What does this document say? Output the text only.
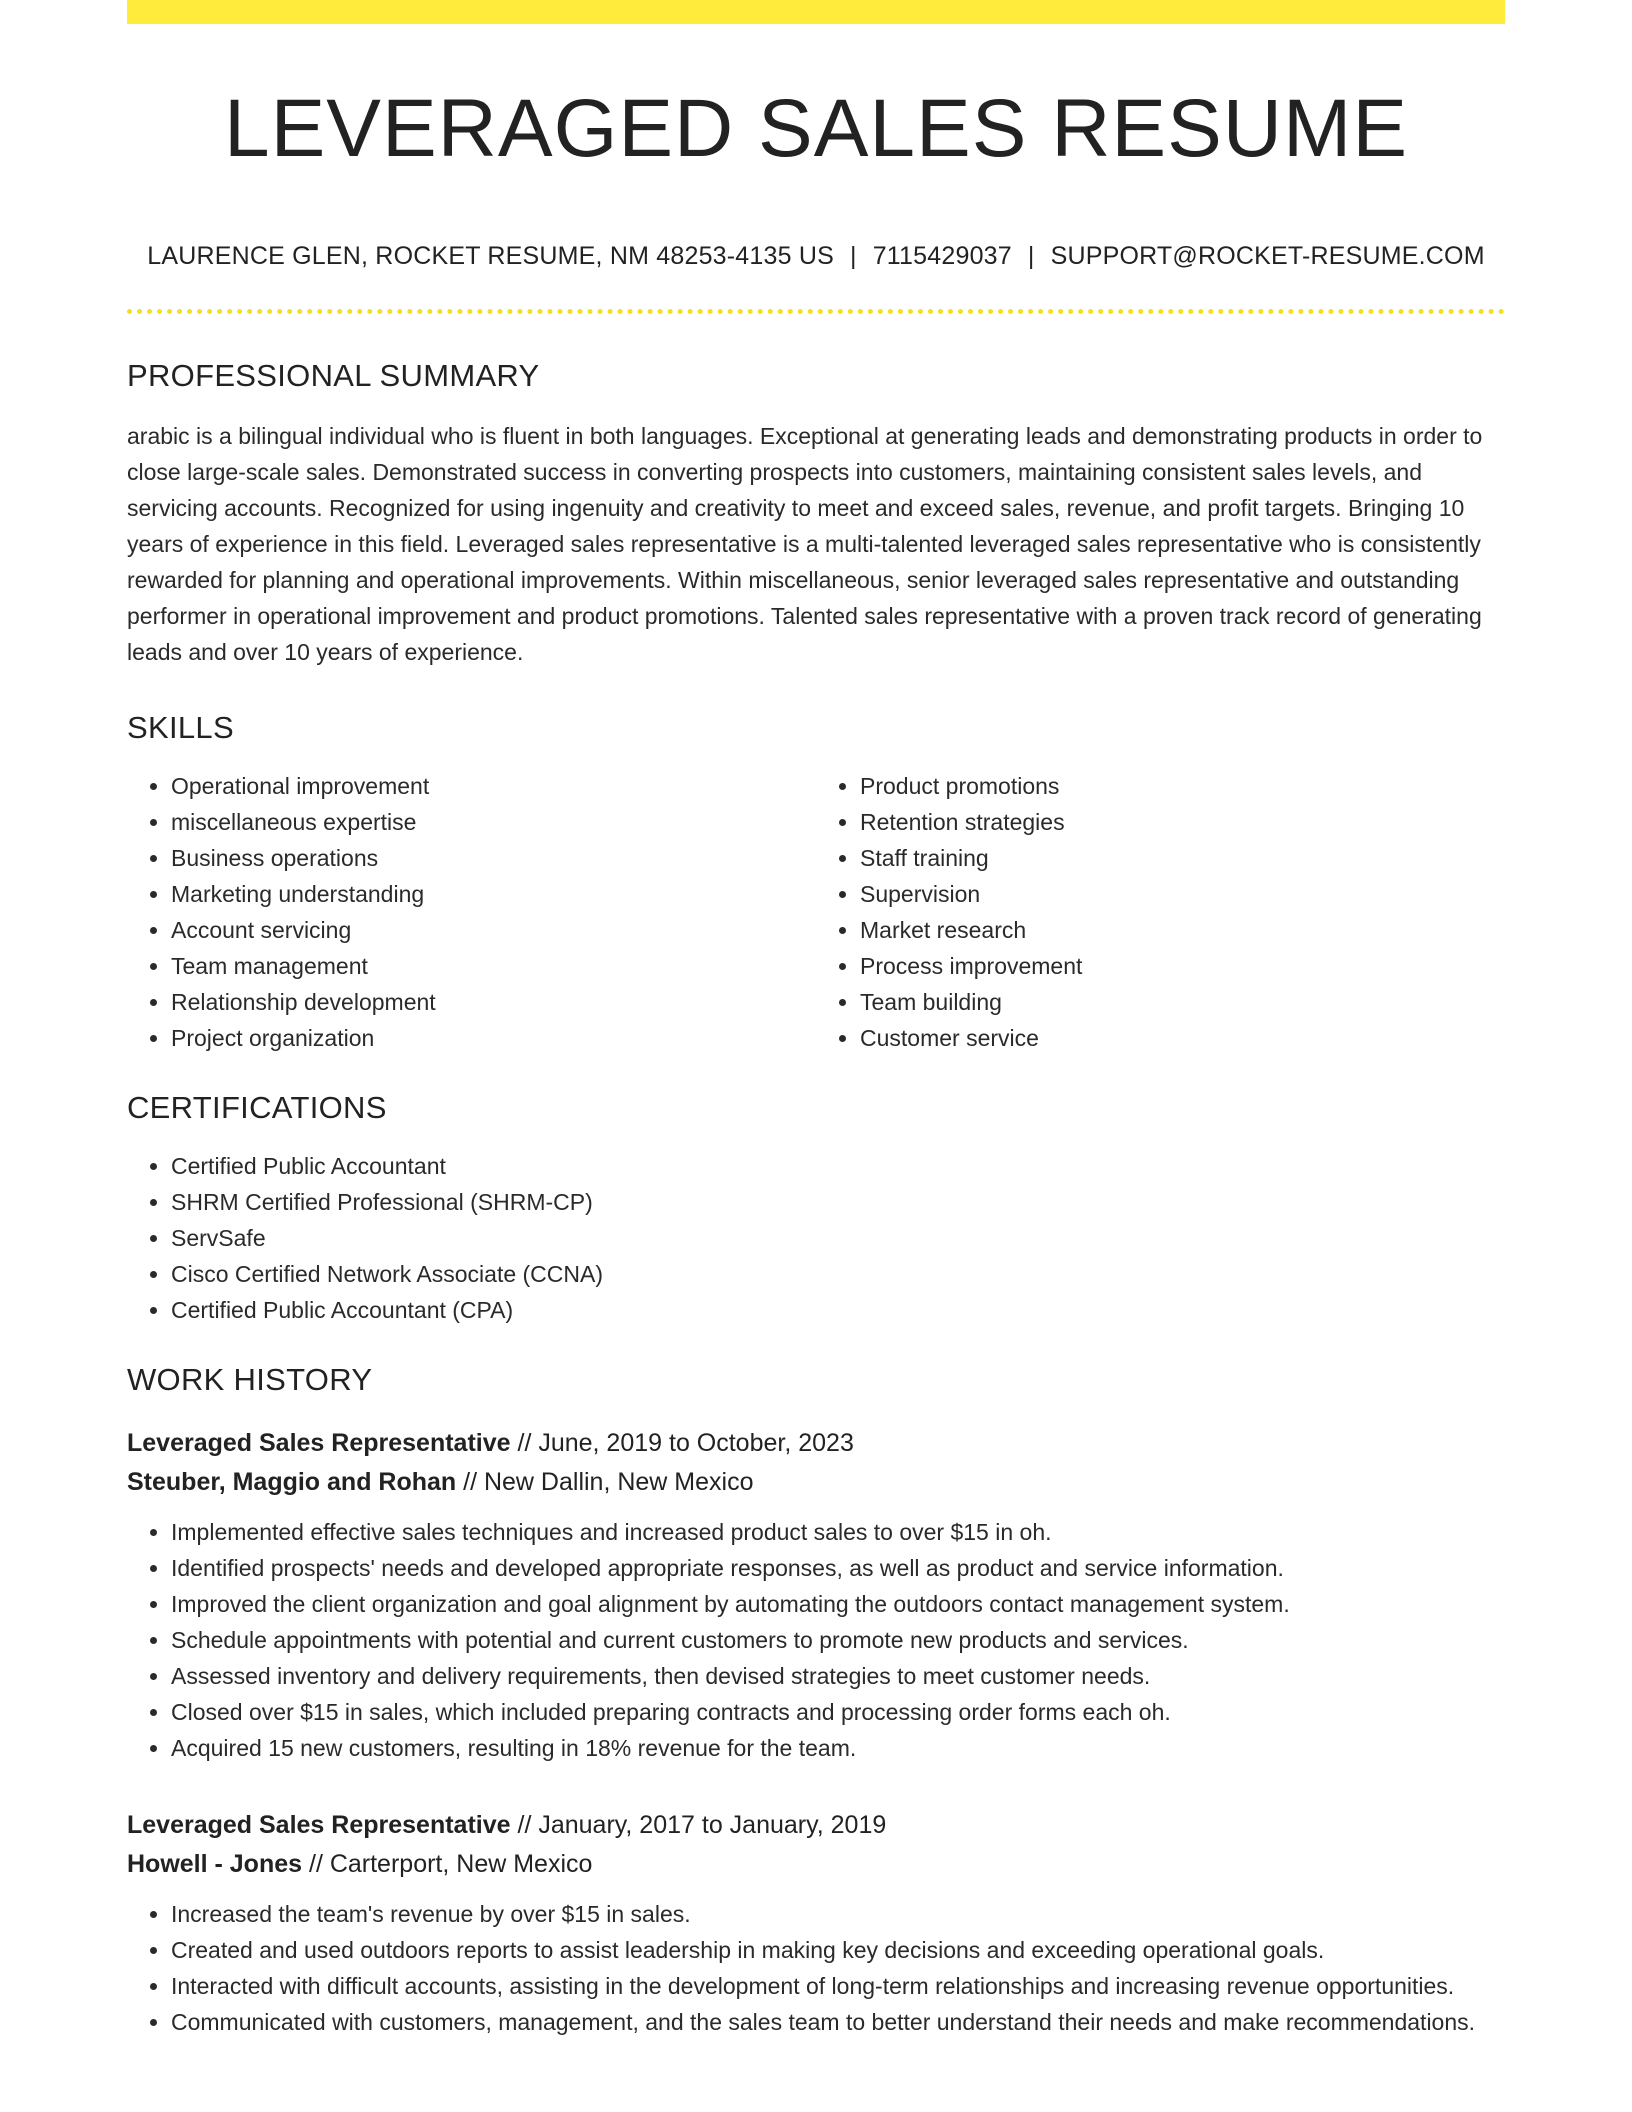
LEVERAGED SALES RESUME
LAURENCE GLEN, ROCKET RESUME, NM 48253-4135 US | 7115429037 | SUPPORT@ROCKET-RESUME.COM
PROFESSIONAL SUMMARY
arabic is a bilingual individual who is fluent in both languages. Exceptional at generating leads and demonstrating products in order to close large-scale sales. Demonstrated success in converting prospects into customers, maintaining consistent sales levels, and servicing accounts. Recognized for using ingenuity and creativity to meet and exceed sales, revenue, and profit targets. Bringing 10 years of experience in this field. Leveraged sales representative is a multi-talented leveraged sales representative who is consistently rewarded for planning and operational improvements. Within miscellaneous, senior leveraged sales representative and outstanding performer in operational improvement and product promotions. Talented sales representative with a proven track record of generating leads and over 10 years of experience.
SKILLS
• Operational improvement
• miscellaneous expertise
• Business operations
• Marketing understanding
• Account servicing
• Team management
• Relationship development
• Project organization
• Product promotions
• Retention strategies
• Staff training
• Supervision
• Market research
• Process improvement
• Team building
• Customer service
CERTIFICATIONS
• Certified Public Accountant
• SHRM Certified Professional (SHRM-CP)
• ServSafe
• Cisco Certified Network Associate (CCNA)
• Certified Public Accountant (CPA)
WORK HISTORY
Leveraged Sales Representative // June, 2019 to October, 2023
Steuber, Maggio and Rohan // New Dallin, New Mexico
• Implemented effective sales techniques and increased product sales to over $15 in oh.
• Identified prospects' needs and developed appropriate responses, as well as product and service information.
• Improved the client organization and goal alignment by automating the outdoors contact management system.
• Schedule appointments with potential and current customers to promote new products and services.
• Assessed inventory and delivery requirements, then devised strategies to meet customer needs.
• Closed over $15 in sales, which included preparing contracts and processing order forms each oh.
• Acquired 15 new customers, resulting in 18% revenue for the team.
Leveraged Sales Representative // January, 2017 to January, 2019
Howell - Jones // Carterport, New Mexico
• Increased the team's revenue by over $15 in sales.
• Created and used outdoors reports to assist leadership in making key decisions and exceeding operational goals.
• Interacted with difficult accounts, assisting in the development of long-term relationships and increasing revenue opportunities.
• Communicated with customers, management, and the sales team to better understand their needs and make recommendations.
